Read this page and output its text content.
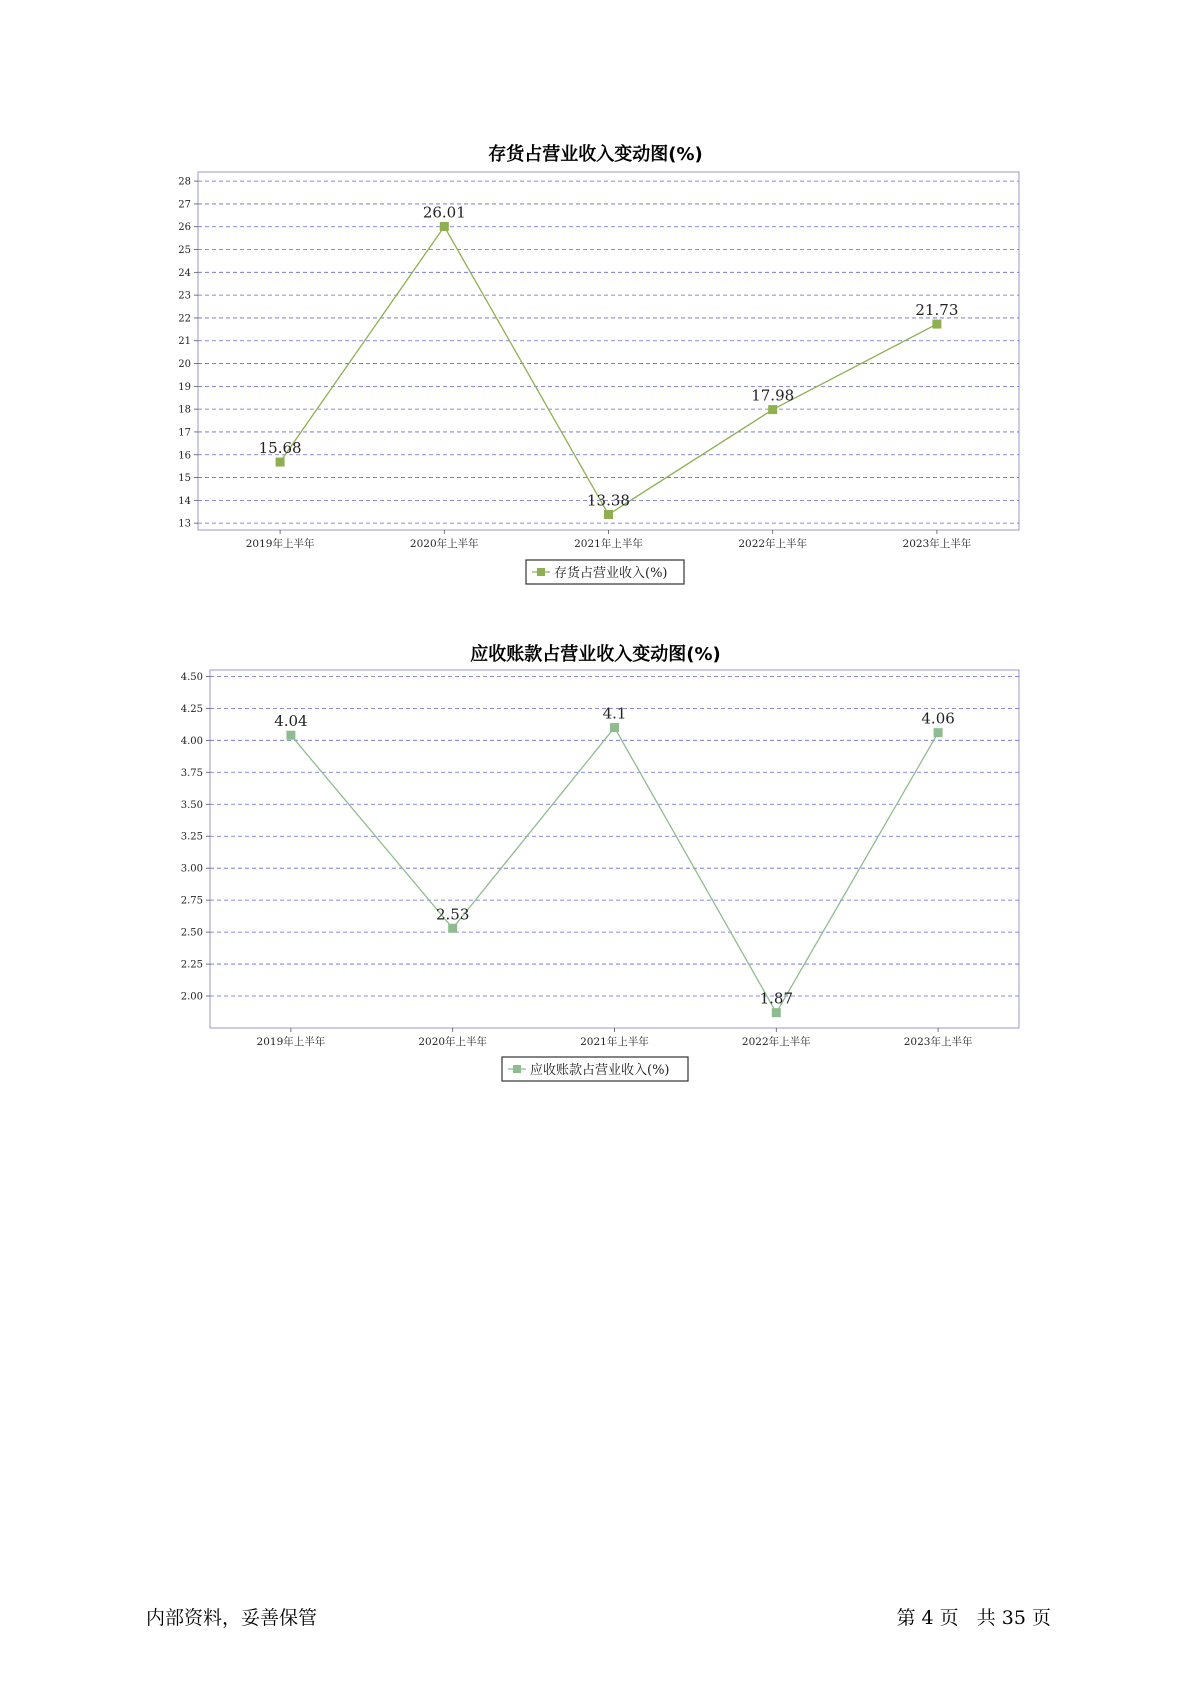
13
14
15
16
17
18
19
20
21
22
23
24
25
26
27
28
2019年上半年	2020年上半年	2021年上半年	2022年上半年	2023年上半年
15.68
26.01
13.38
17.98
21.73
存货占营业收入(%)
存货占营业收入变动图(%)
2.00
2.25
2.50
2.75
3.00
3.25
3.50
3.75
4.00
4.25
4.50
2019年上半年	2020年上半年	2021年上半年	2022年上半年	2023年上半年
4.04
2.53
4.1
1.87
4.06
应收账款占营业收入(%)
应收账款占营业收入变动图(%)
内部资料，妥善保管	第 4 页   共 35 页
